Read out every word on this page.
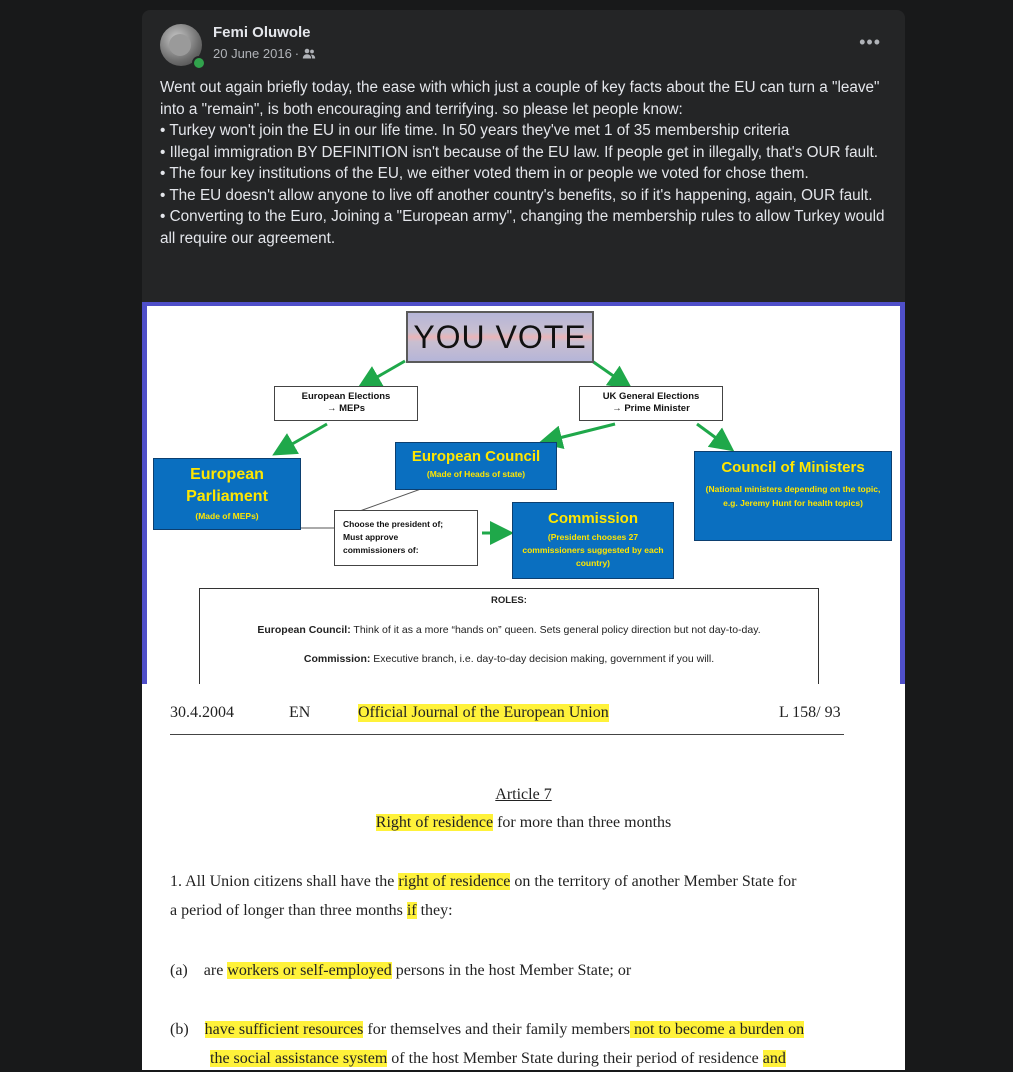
Femi Oluwole
20 June 2016 ·
•••

Went out again briefly today, the ease with which just a couple of key facts about the EU can turn a "leave" into a "remain", is both encouraging and terrifying. so please let people know:

• Turkey won't join the EU in our life time. In 50 years they've met 1 of 35 membership criteria

• Illegal immigration BY DEFINITION isn't because of the EU law. If people get in illegally, that's OUR fault.

• The four key institutions of the EU, we either voted them in or people we voted for chose them.

• The EU doesn't allow anyone to live off another country's benefits, so if it's happening, again, OUR fault.

• Converting to the Euro, Joining a "European army", changing the membership rules to allow Turkey would all require our agreement.

YOU VOTE
European Elections
→ MEPs
UK General Elections
→ Prime Minister
European
Parliament
(Made of MEPs)
European Council
(Made of Heads of state)	Council of Ministers
(National ministers depending on the topic, e.g. Jeremy Hunt for health topics)
Choose the president of;
Must approve
commissioners of:
Commission
(President chooses 27 commissioners suggested by each country)
ROLES:
European Council: Think of it as a more “hands on” queen. Sets general policy direction but not day-to-day.
Commission: Executive branch, i.e. day-to-day decision making, government if you will.
30.4.2004	EN	Official Journal of the European Union	L 158/ 93
Article 7
Right of residence for more than three months
1. All Union citizens shall have the right of residence on the territory of another Member State for
a period of longer than three months if they:
(a) are workers or self-employed persons in the host Member State; or
(b) have sufficient resources for themselves and their family members not to become a burden on
the social assistance system of the host Member State during their period of residence and
